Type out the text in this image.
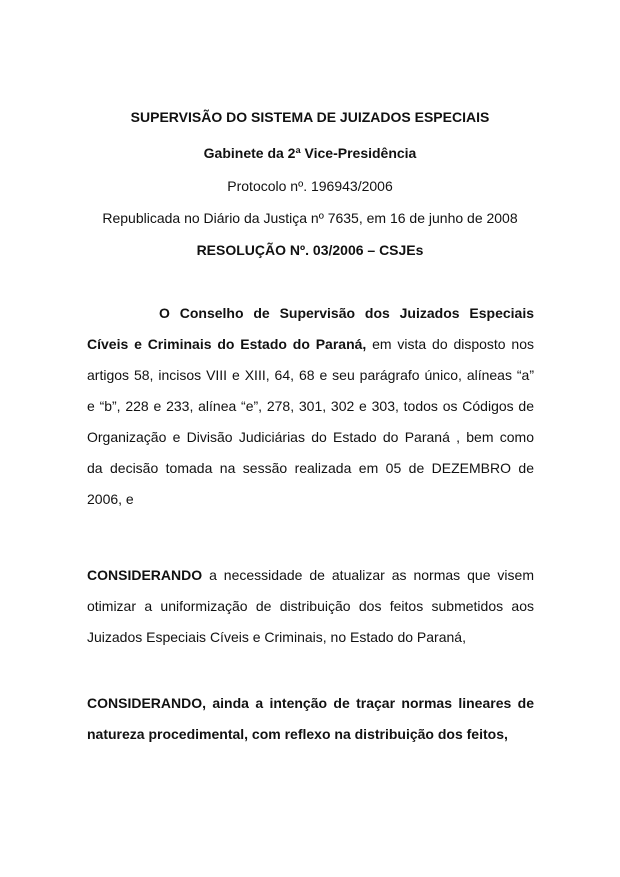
SUPERVISÃO DO SISTEMA DE JUIZADOS ESPECIAIS
Gabinete da 2ª Vice-Presidência
Protocolo nº. 196943/2006
Republicada no Diário da Justiça nº 7635, em 16 de junho de 2008
RESOLUÇÃO Nº. 03/2006 – CSJEs
O Conselho de Supervisão dos Juizados Especiais
Cíveis e Criminais do Estado do Paraná, em vista do disposto nos
artigos 58, incisos VIII e XIII, 64, 68 e seu parágrafo único, alíneas “a”
e “b”, 228 e 233, alínea “e”, 278, 301, 302 e 303, todos os Códigos de
Organização e Divisão Judiciárias do Estado do Paraná , bem como
da decisão tomada na sessão realizada em 05 de DEZEMBRO de
2006, e
CONSIDERANDO a necessidade de atualizar as normas que visem
otimizar a uniformização de distribuição dos feitos submetidos aos
Juizados Especiais Cíveis e Criminais, no Estado do Paraná,
CONSIDERANDO, ainda a intenção de traçar normas lineares de
natureza procedimental, com reflexo na distribuição dos feitos,
